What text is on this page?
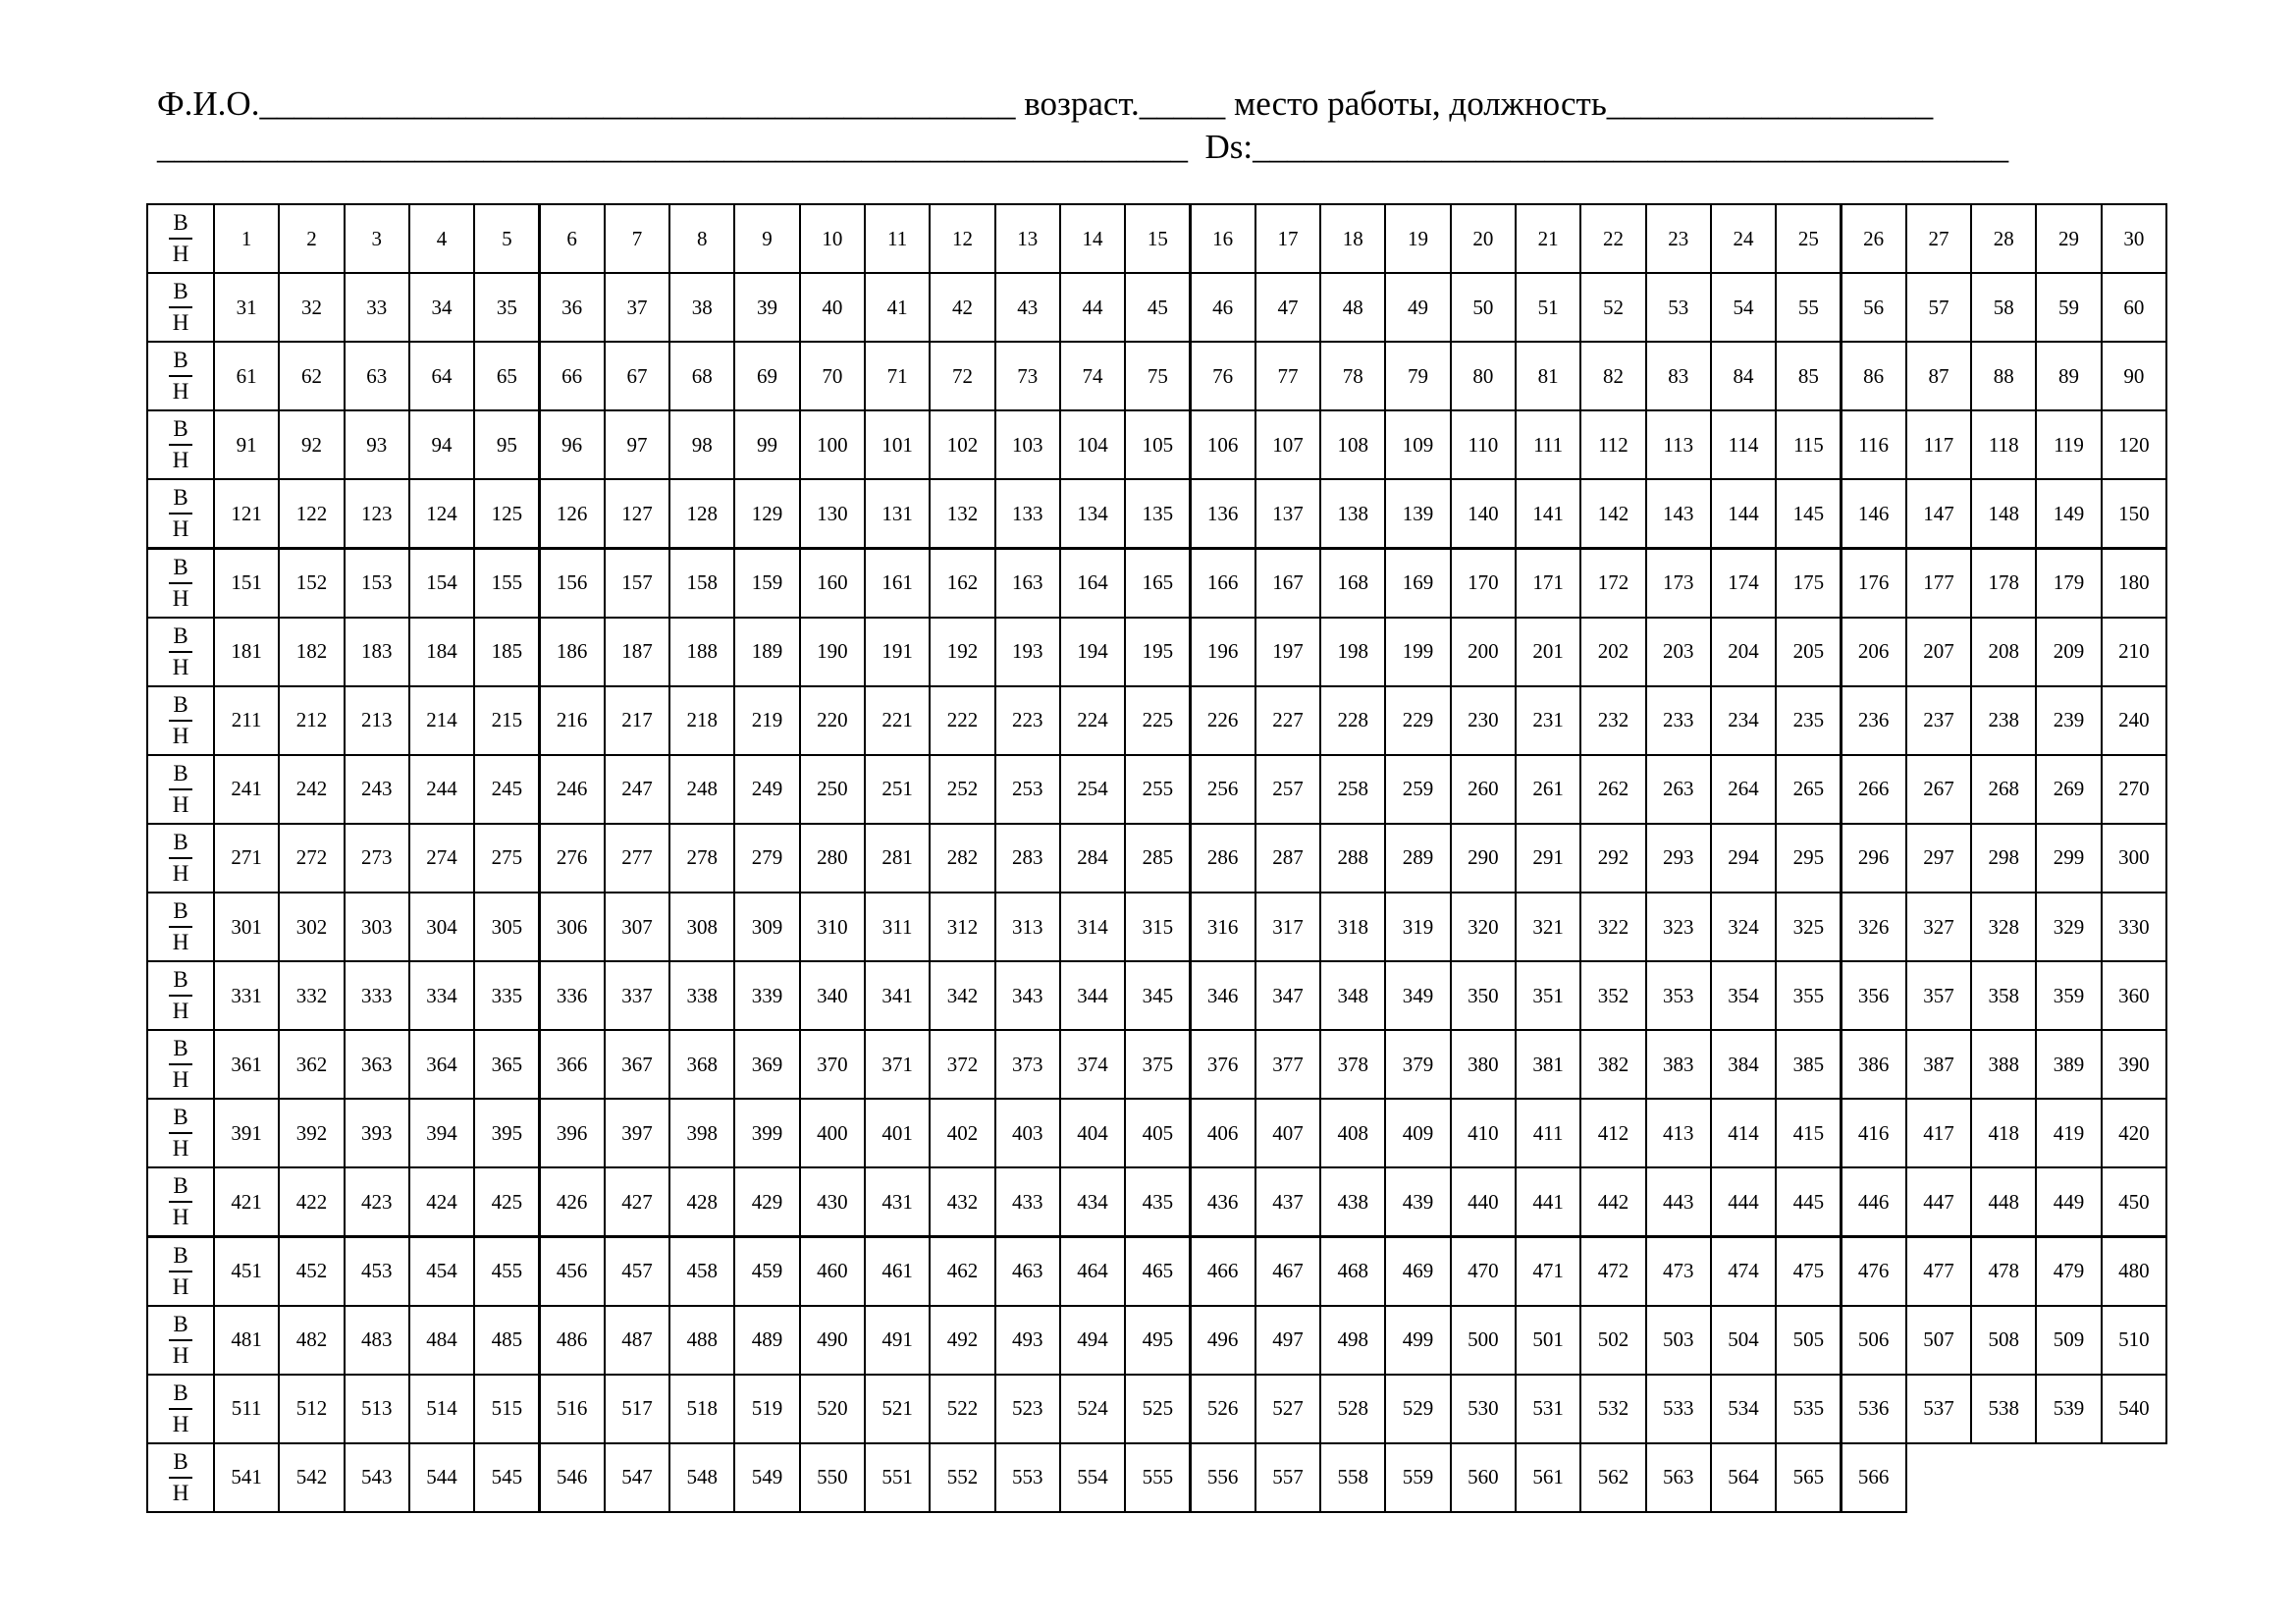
Ф.И.О.____________________________________________ возраст._____ место работы, должность___________________
____________________________________________________________  Ds:____________________________________________
В
Н
1	2	3	4	5	6	7	8	9	10	11	12	13	14	15	16	17	18	19	20	21	22	23	24	25	26	27	28	29	30
В
Н
31	32	33	34	35	36	37	38	39	40	41	42	43	44	45	46	47	48	49	50	51	52	53	54	55	56	57	58	59	60
В
Н
61	62	63	64	65	66	67	68	69	70	71	72	73	74	75	76	77	78	79	80	81	82	83	84	85	86	87	88	89	90
В
Н
91	92	93	94	95	96	97	98	99	100	101	102	103	104	105	106	107	108	109	110	111	112	113	114	115	116	117	118	119	120
В
Н
121	122	123	124	125	126	127	128	129	130	131	132	133	134	135	136	137	138	139	140	141	142	143	144	145	146	147	148	149	150
В
Н
151	152	153	154	155	156	157	158	159	160	161	162	163	164	165	166	167	168	169	170	171	172	173	174	175	176	177	178	179	180
В
Н
181	182	183	184	185	186	187	188	189	190	191	192	193	194	195	196	197	198	199	200	201	202	203	204	205	206	207	208	209	210
В
Н
211	212	213	214	215	216	217	218	219	220	221	222	223	224	225	226	227	228	229	230	231	232	233	234	235	236	237	238	239	240
В
Н
241	242	243	244	245	246	247	248	249	250	251	252	253	254	255	256	257	258	259	260	261	262	263	264	265	266	267	268	269	270
В
Н
271	272	273	274	275	276	277	278	279	280	281	282	283	284	285	286	287	288	289	290	291	292	293	294	295	296	297	298	299	300
В
Н
301	302	303	304	305	306	307	308	309	310	311	312	313	314	315	316	317	318	319	320	321	322	323	324	325	326	327	328	329	330
В
Н
331	332	333	334	335	336	337	338	339	340	341	342	343	344	345	346	347	348	349	350	351	352	353	354	355	356	357	358	359	360
В
Н
361	362	363	364	365	366	367	368	369	370	371	372	373	374	375	376	377	378	379	380	381	382	383	384	385	386	387	388	389	390
В
Н
391	392	393	394	395	396	397	398	399	400	401	402	403	404	405	406	407	408	409	410	411	412	413	414	415	416	417	418	419	420
В
Н
421	422	423	424	425	426	427	428	429	430	431	432	433	434	435	436	437	438	439	440	441	442	443	444	445	446	447	448	449	450
В
Н
451	452	453	454	455	456	457	458	459	460	461	462	463	464	465	466	467	468	469	470	471	472	473	474	475	476	477	478	479	480
В
Н
481	482	483	484	485	486	487	488	489	490	491	492	493	494	495	496	497	498	499	500	501	502	503	504	505	506	507	508	509	510
В
Н
511	512	513	514	515	516	517	518	519	520	521	522	523	524	525	526	527	528	529	530	531	532	533	534	535	536	537	538	539	540
В
Н
541	542	543	544	545	546	547	548	549	550	551	552	553	554	555	556	557	558	559	560	561	562	563	564	565	566
